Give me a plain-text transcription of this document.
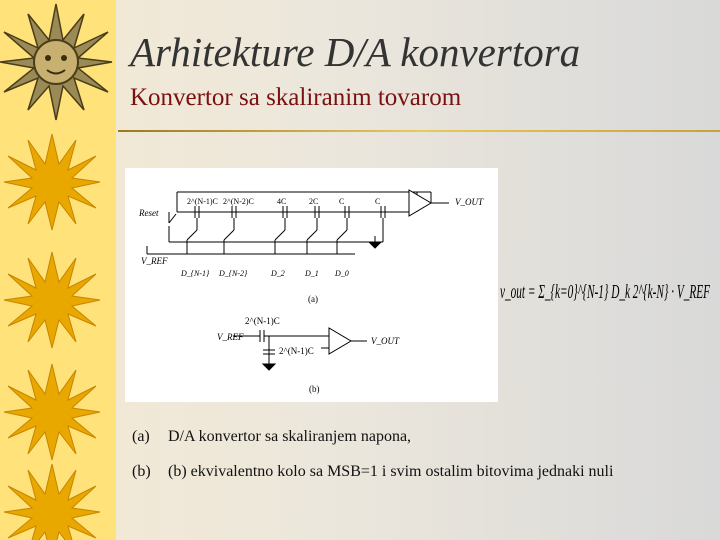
Arhitekture D/A konvertora
Konvertor sa skaliranim tovarom
Reset
V_REF
V_OUT
2^(N-1)C 2^(N-2)C	4C	2C	C	C
D_{N-1} D_{N-2}	D_2	D_1 D_0
(a)
(b)
V_REF	V_OUT
2^(N-1)C
2^(N-1)C
v_out = Σ_{k=0}^{N-1} D_k 2^{k-N} · V_REF
(a) D/A konvertor sa skaliranjem napona,
(b) (b) ekvivalentno kolo sa MSB=1 i svim ostalim bitovima jednaki nuli
